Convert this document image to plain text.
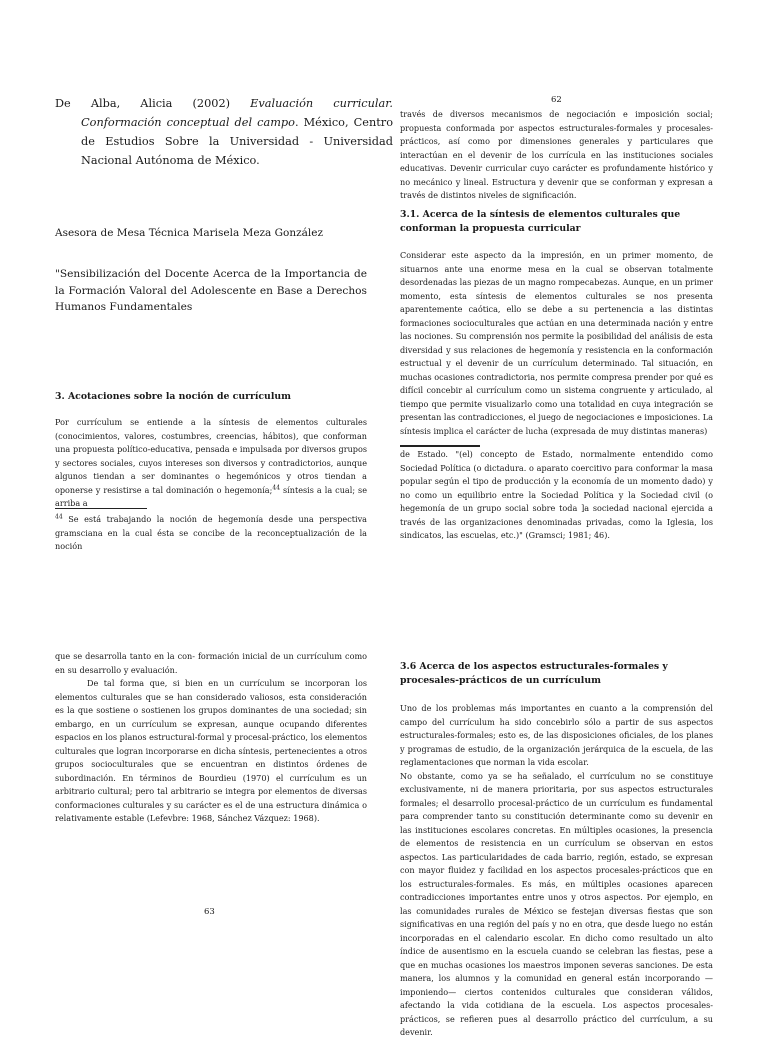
De Alba, Alicia (2002) Evaluación curricular. Conformación conceptual del campo. México, Centro de Estudios Sobre la Universidad - Universidad Nacional Autónoma de México.
Asesora de Mesa Técnica Marisela Meza González
"Sensibilización del Docente Acerca de la Importancia de la Formación Valoral del Adolescente en Base a Derechos Humanos Fundamentales
3. Acotaciones sobre la noción de currículum
Por currículum se entiende a la síntesis de elementos culturales (conocimientos, valores, costumbres, creencias, hábitos), que conforman una propuesta político-educativa, pensada e impulsada por diversos grupos y sectores sociales, cuyos intereses son diversos y contradictorios, aunque algunos tiendan a ser dominantes o hegemónicos y otros tiendan a oponerse y resistirse a tal dominación o hegemonía;$^{44}$ síntesis a la cual; se arriba a
$^{44}$ Se está trabajando la noción de hegemonía desde una perspectiva gramsciana en la cual ésta se concibe de la reconceptualización de la noción
62
través de diversos mecanismos de negociación e imposición social; propuesta conformada por aspectos estructurales-formales y procesales-prácticos, así como por dimensiones generales y particulares que interactúan en el devenir de los currícula en las instituciones sociales educativas. Devenir curricular cuyo carácter es profundamente histórico y no mecánico y lineal. Estructura y devenir que se conforman y expresan a través de distintos niveles de significación.
3.1. Acerca de la síntesis de elementos culturales que conforman la propuesta curricular
Considerar este aspecto da la impresión, en un primer momento, de situarnos ante una enorme mesa en la cual se observan totalmente desordenadas las piezas de un magno rompecabezas. Aunque, en un primer momento, esta síntesis de elementos culturales se nos presenta aparentemente caótica, ello se debe a su pertenencia a las distintas formaciones socioculturales que actúan en una determinada nación y entre las nociones. Su comprensión nos permite la posibilidad del análisis de esta diversidad y sus relaciones de hegemonía y resistencia en la conformación estructual y el devenir de un currículum determinado. Tal situación, en muchas ocasiones contradictoria, nos permite compresa prender por qué es difícil concebir al currículum como un sistema congruente y articulado, al tiempo que permite visualizarlo como una totalidad en cuya integración se presentan las contradicciones, el juego de negociaciones e imposiciones. La síntesis implica el carácter de lucha (expresada de muy distintas maneras)
de Estado. "(el) concepto de Estado, normalmente entendido como Sociedad Política (o dictadura. o aparato coercitivo para conformar la masa popular según el tipo de producción y la economía de un momento dado) y no como un equilibrio entre la Sociedad Política y la Sociedad civil (o hegemonía de un grupo social sobre toda ]a sociedad nacional ejercida a través de las organizaciones denominadas privadas, como la Iglesia, los sindicatos, las escuelas, etc.)" (Gramsci; 1981; 46).
que se desarrolla tanto en la con- formación inicial de un currículum como en su desarrollo y evaluación.
De tal forma que, si bien en un currículum se incorporan los elementos culturales que se han considerado valiosos, esta consideración es la que sostiene o sostienen los grupos dominantes de una sociedad; sin embargo, en un currículum se expresan, aunque ocupando diferentes espacios en los planos estructural-formal y procesal-práctico, los elementos culturales que logran incorporarse en dicha síntesis, pertenecientes a otros grupos socioculturales que se encuentran en distintos órdenes de subordinación. En términos de Bourdieu (1970) el currículum es un arbitrario cultural; pero tal arbitrario se integra por elementos de diversas conformaciones culturales y su carácter es el de una estructura dinámica o relativamente estable (Lefevbre: 1968, Sánchez Vázquez: 1968).
63
3.6 Acerca de los aspectos estructurales-formales y procesales-prácticos de un currículum
Uno de los problemas más importantes en cuanto a la comprensión del campo del currículum ha sido concebirlo sólo a partir de sus aspectos estructurales-formales; esto es, de las disposiciones oficiales, de los planes y programas de estudio, de la organización jerárquica de la escuela, de las reglamentaciones que norman la vida escolar.
No obstante, como ya se ha señalado, el currículum no se constituye exclusivamente, ni de manera prioritaria, por sus aspectos estructurales formales; el desarrollo procesal-práctico de un currículum es fundamental para comprender tanto su constitución determinante como su devenir en las instituciones escolares concretas. En múltiples ocasiones, la presencia de elementos de resistencia en un currículum se observan en estos aspectos. Las particularidades de cada barrio, región, estado, se expresan con mayor fluidez y facilidad en los aspectos procesales-prácticos que en los estructurales-formales. Es más, en múltiples ocasiones aparecen contradicciones importantes entre unos y otros aspectos. Por ejemplo, en las comunidades rurales de México se festejan diversas fiestas que son significativas en una región del país y no en otra, que desde luego no están incorporadas en el calendario escolar. En dicho como resultado un alto índice de ausentismo en la escuela cuando se celebran las fiestas, pese a que en muchas ocasiones los maestros imponen severas sanciones. De esta manera, los alumnos y la comunidad en general están incorporando — imponiendo— ciertos contenidos culturales que consideran válidos, afectando la vida cotidiana de la escuela. Los aspectos procesales-prácticos, se refieren pues al desarrollo práctico del currículum, a su devenir.
